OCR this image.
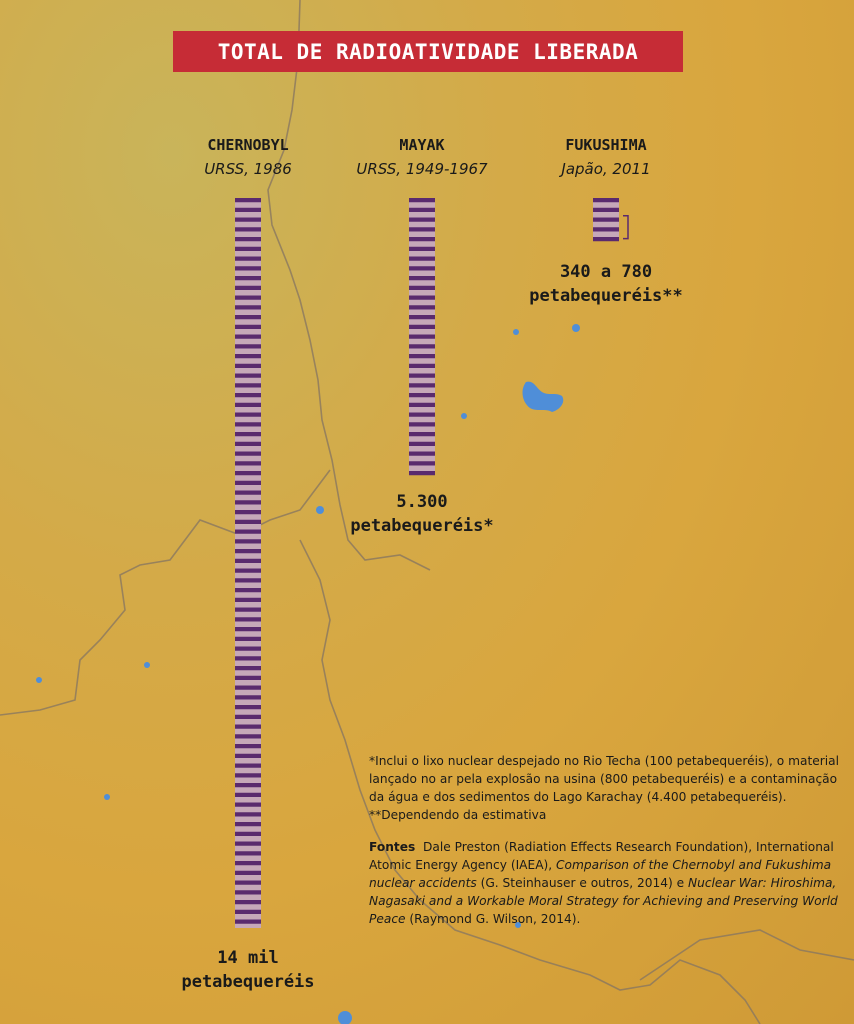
TOTAL DE RADIOATIVIDADE LIBERADA
CHERNOBYL
URSS, 1986
MAYAK
URSS, 1949-1967
FUKUSHIMA
Japão, 2011
14 mil
petabequeréis
5.300
petabequeréis*
340 a 780
petabequeréis**

*Inclui o lixo nuclear despejado no Rio Techa (100 petabequeréis), o material lançado no ar pela explosão na usina (800 petabequeréis) e a contaminação da água e dos sedimentos do Lago Karachay (4.400 petabequeréis). **Dependendo da estimativa

Fontes Dale Preston (Radiation Effects Research Foundation), International Atomic Energy Agency (IAEA), Comparison of the Chernobyl and Fukushima nuclear accidents (G. Steinhauser e outros, 2014) e Nuclear War: Hiroshima, Nagasaki and a Workable Moral Strategy for Achieving and Preserving World Peace (Raymond G. Wilson, 2014).
